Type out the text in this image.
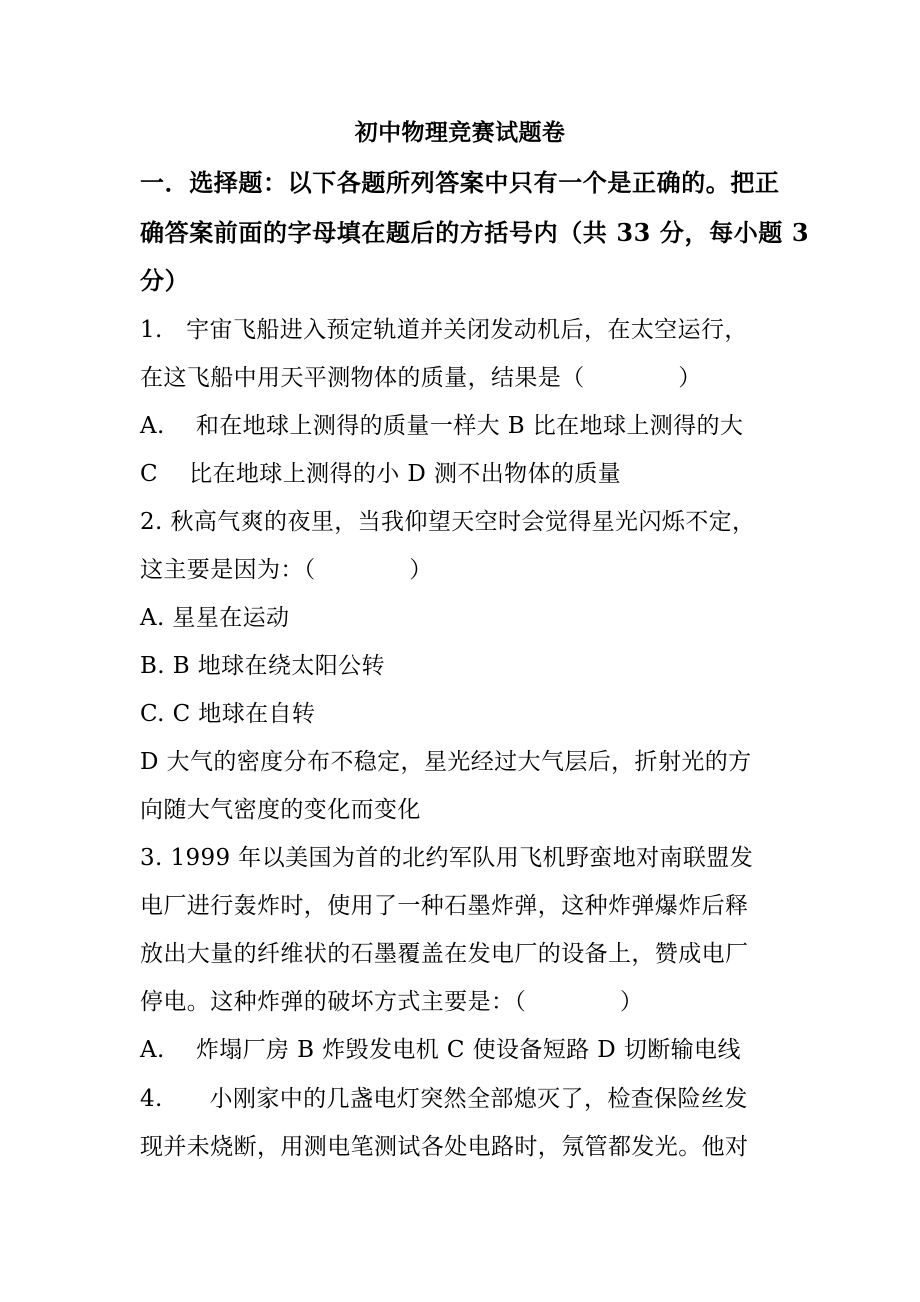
初中物理竞赛试题卷
一．选择题：以下各题所列答案中只有一个是正确的。把正
确答案前面的字母填在题后的方括号内（共 33 分，每小题 3
分）
1.　宇宙飞船进入预定轨道并关闭发动机后，在太空运行，
在这飞船中用天平测物体的质量，结果是（　　　　）
A.　 和在地球上测得的质量一样大 B 比在地球上测得的大
C　 比在地球上测得的小 D 测不出物体的质量
2. 秋高气爽的夜里，当我仰望天空时会觉得星光闪烁不定，
这主要是因为：（　　　　）
A. 星星在运动
B. B 地球在绕太阳公转
C. C 地球在自转
D 大气的密度分布不稳定，星光经过大气层后，折射光的方
向随大气密度的变化而变化
3. 1999 年以美国为首的北约军队用飞机野蛮地对南联盟发
电厂进行轰炸时，使用了一种石墨炸弹，这种炸弹爆炸后释
放出大量的纤维状的石墨覆盖在发电厂的设备上，赞成电厂
停电。这种炸弹的破坏方式主要是：（　　　　）
A.　 炸塌厂房 B 炸毁发电机 C 使设备短路 D 切断输电线
4.　　小刚家中的几盏电灯突然全部熄灭了，检查保险丝发
现并未烧断，用测电笔测试各处电路时，氖管都发光。他对
